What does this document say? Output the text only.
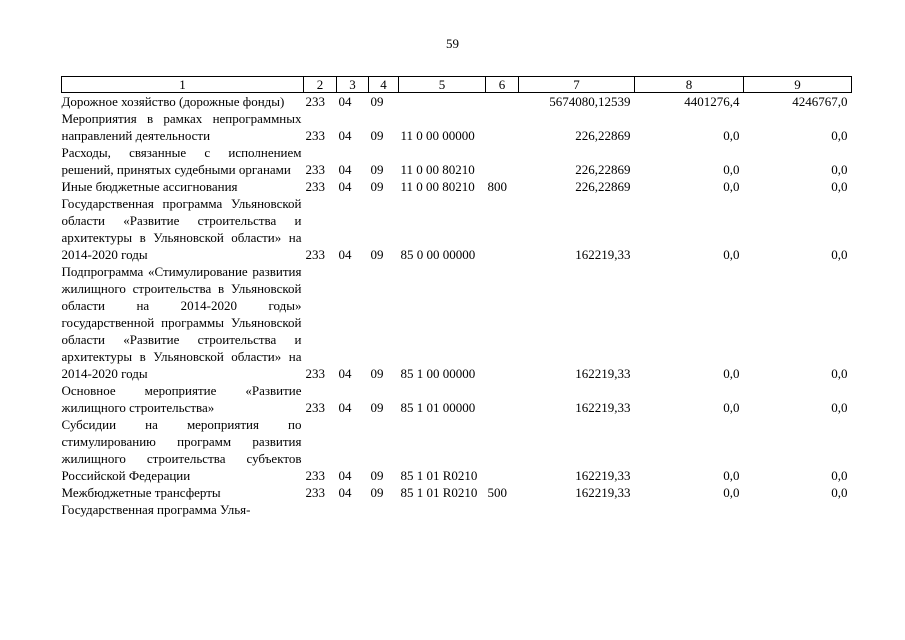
59
1	2	3	4	5	6	7	8	9
Дорожное хозяйство (дорожные фонды)	233	04	09			5674080,12539	4401276,4	4246767,0
Мероприятия в рамках непрограммных направлений деятельности	233	04	09	11 0 00 00000		226,22869	0,0	0,0
Расходы, связанные с исполнением решений, принятых судебными органами	233	04	09	11 0 00 80210		226,22869	0,0	0,0
Иные бюджетные ассигнования	233	04	09	11 0 00 80210	800	226,22869	0,0	0,0
Государственная программа Ульяновской области «Развитие строительства и архитектуры в Ульяновской области» на 2014-2020 годы	233	04	09	85 0 00 00000		162219,33	0,0	0,0
Подпрограмма «Стимулирование развития жилищного строительства в Ульяновской области на 2014-2020 годы» государственной программы Ульяновской области «Развитие строительства и архитектуры в Ульяновской области» на 2014-2020 годы	233	04	09	85 1 00 00000		162219,33	0,0	0,0
Основное мероприятие «Развитие жилищного строительства»	233	04	09	85 1 01 00000		162219,33	0,0	0,0
Субсидии на мероприятия по стимулированию программ развития жилищного строительства субъектов Российской Федерации	233	04	09	85 1 01 R0210		162219,33	0,0	0,0
Межбюджетные трансферты	233	04	09	85 1 01 R0210	500	162219,33	0,0	0,0
Государственная программа Улья-								
